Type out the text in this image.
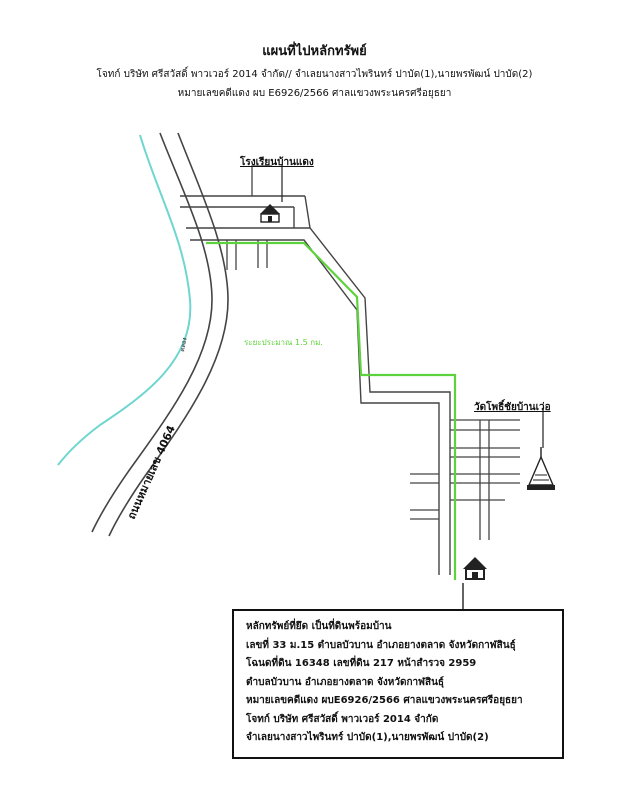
แผนที่ไปหลักทรัพย์
โจทก์ บริษัท ศรีสวัสดิ์ พาวเวอร์ 2014 จำกัด// จำเลยนางสาวไพรินทร์ ปาบัด(1),นายพรพัฒน์ ปาบัด(2)
หมายเลขคดีแดง ผบ E6926/2566 ศาลแขวงพระนครศรีอยุธยา
โรงเรียนบ้านแดง
วัดโพธิ์ชัยบ้านเว่อ
ถนนหมายเลข 4064
คลอง	ระยะประมาณ 1.5 กม.
หลักทรัพย์ที่ยึด เป็นที่ดินพร้อมบ้าน
เลขที่ 33 ม.15 ตำบลบัวบาน อำเภอยางตลาด จังหวัดกาฬสินธุ์
โฉนดที่ดิน 16348 เลขที่ดิน 217 หน้าสำรวจ 2959
ตำบลบัวบาน อำเภอยางตลาด จังหวัดกาฬสินธุ์
หมายเลขคดีแดง ผบE6926/2566 ศาลแขวงพระนครศรีอยุธยา
โจทก์ บริษัท ศรีสวัสดิ์ พาวเวอร์ 2014 จำกัด
จำเลยนางสาวไพรินทร์ ปาบัด(1),นายพรพัฒน์ ปาบัด(2)
